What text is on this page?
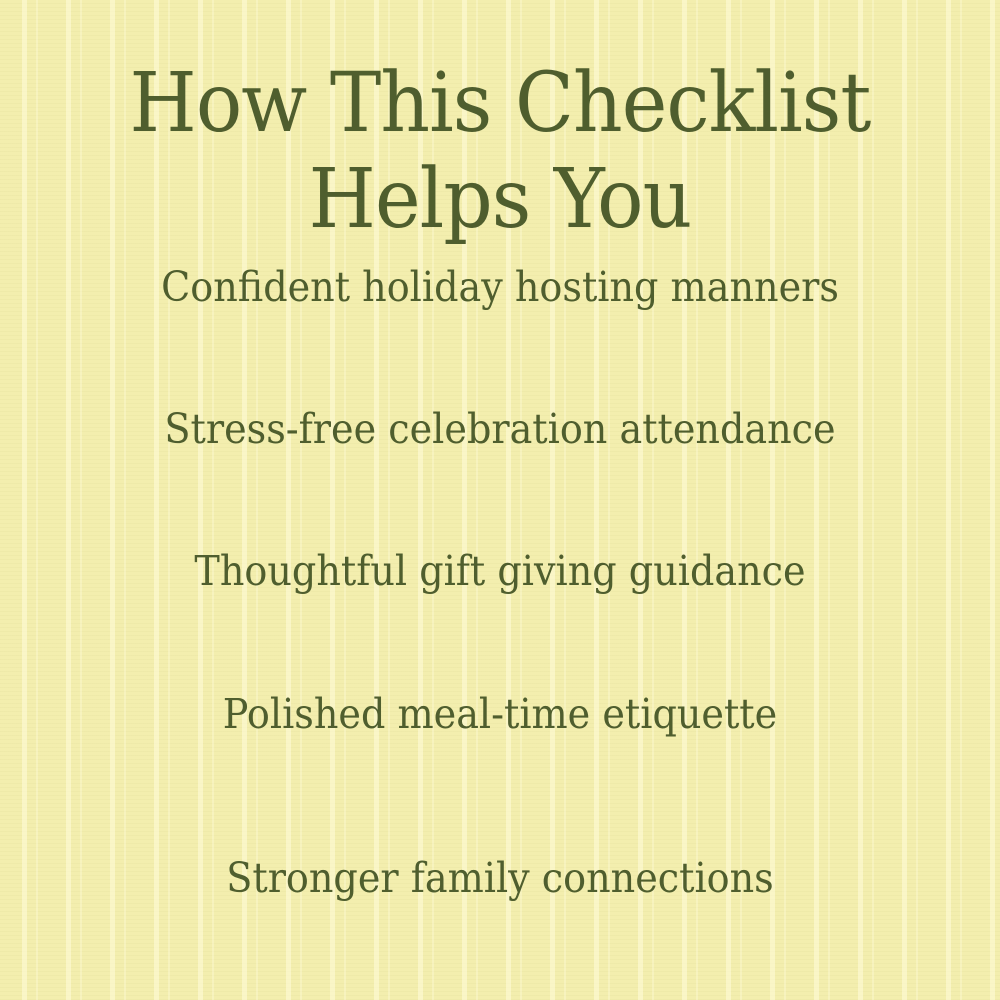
How This Checklist
Helps You

Confident holiday hosting manners

Stress-free celebration attendance

Thoughtful gift giving guidance

Polished meal-time etiquette

Stronger family connections
